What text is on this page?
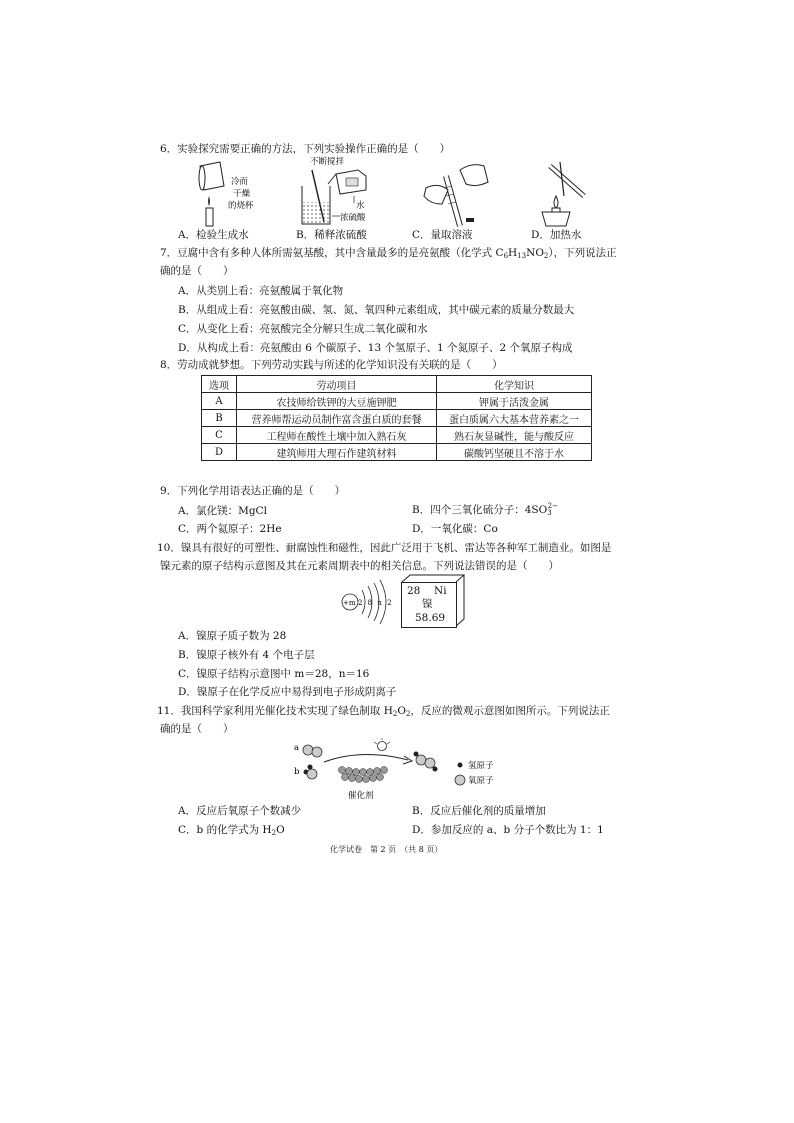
6．实验探究需要正确的方法，下列实验操作正确的是（　　）
冷而
干燥
的烧杯
不断搅拌
水
浓硫酸
A．检验生成水	B．稀释浓硫酸	C．量取溶液	D．加热水
7．豆腐中含有多种人体所需氨基酸，其中含量最多的是亮氨酸（化学式 $C_6H_{13}NO_2$），下列说法正
确的是（　　）
A．从类别上看：亮氨酸属于氧化物
B．从组成上看：亮氨酸由碳、氢、氮、氧四种元素组成，其中碳元素的质量分数最大
C．从变化上看：亮氨酸完全分解只生成二氧化碳和水
D．从构成上看：亮氨酸由 6 个碳原子、13 个氢原子、1 个氮原子、2 个氧原子构成
8．劳动成就梦想。下列劳动实践与所述的化学知识没有关联的是（　　）
选项	劳动项目	化学知识
A	农技师给铁钾的大豆施钾肥	钾属于活泼金属
B	营养师帮运动员制作富含蛋白质的套餐	蛋白质属六大基本营养素之一
C	工程师在酸性土壤中加入熟石灰	熟石灰显碱性，能与酸反应
D	建筑师用大理石作建筑材料	碳酸钙坚硬且不溶于水
9．下列化学用语表达正确的是（　　）
A．氯化镁：MgCl	B．四个三氧化硫分子：$4SO_3^{2-}$
C．两个氦原子：2He	D．一氧化碳：Co
10．镍具有很好的可塑性、耐腐蚀性和磁性，因此广泛用于飞机、雷达等各种军工制造业。如图是
镍元素的原子结构示意图及其在元素周期表中的相关信息。下列说法错误的是（　　）
+m 2 8 n 2
28 Ni
镍
58.69
A．镍原子质子数为 28
B．镍原子核外有 4 个电子层
C．镍原子结构示意图中 m＝28，n＝16
D．镍原子在化学反应中易得到电子形成阴离子
11．我国科学家利用光催化技术实现了绿色制取 $H_2O_2$，反应的微观示意图如图所示。下列说法正
确的是（　　）
a
b
催化剂
氢原子
氧原子
A．反应后氧原子个数减少	B．反应后催化剂的质量增加
C．b 的化学式为 $H_2O$	D．参加反应的 a、b 分子个数比为 1：1
化学试卷　第 2 页　（共 8 页）
